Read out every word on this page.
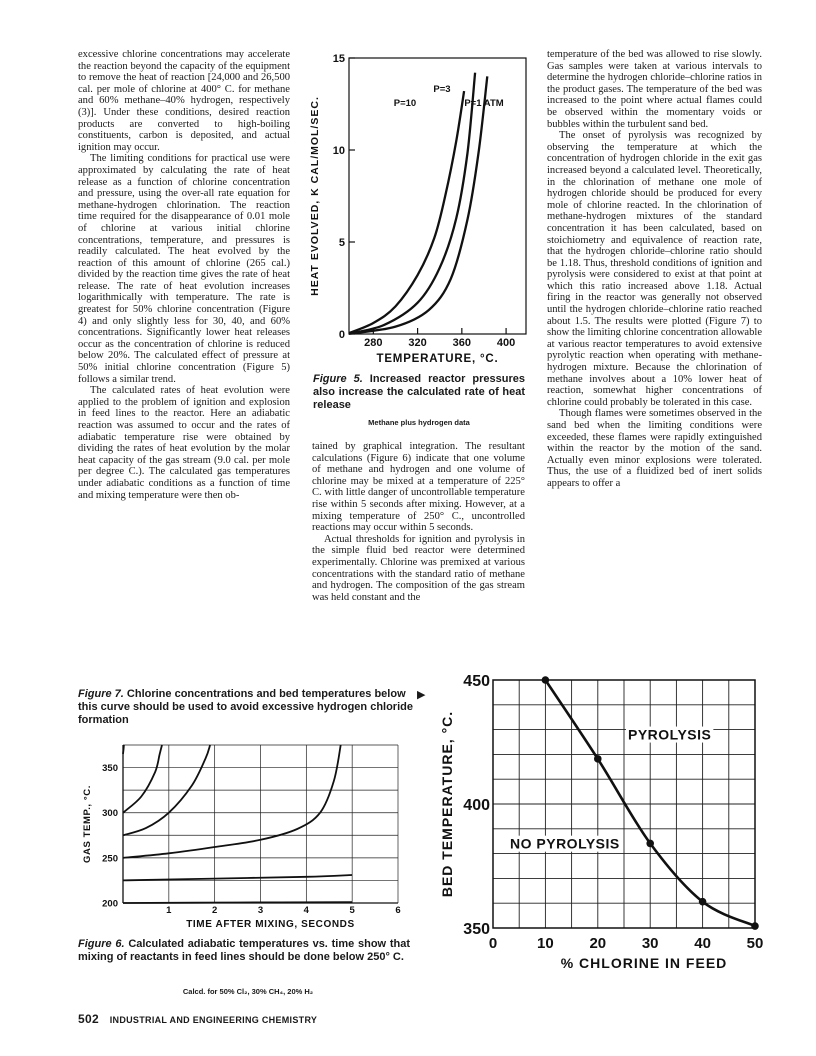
excessive chlorine concentrations may accelerate the reaction beyond the capacity of the equipment to remove the heat of reaction [24,000 and 26,500 cal. per mole of chlorine at 400° C. for methane and 60% methane–40% hydrogen, respectively (3)]. Under these conditions, desired reaction products are converted to high-boiling constituents, carbon is deposited, and actual ignition may occur.

The limiting conditions for practical use were approximated by calculating the rate of heat release as a function of chlorine concentration and pressure, using the over-all rate equation for methane-hydrogen chlorination. The reaction time required for the disappearance of 0.01 mole of chlorine at various initial chlorine concentrations, temperature, and pressures is readily calculated. The heat evolved by the reaction of this amount of chlorine (265 cal.) divided by the reaction time gives the rate of heat release. The rate of heat evolution increases logarithmically with temperature. The rate is greatest for 50% chlorine concentration (Figure 4) and only slightly less for 30, 40, and 60% concentrations. Significantly lower heat releases occur as the concentration of chlorine is reduced below 20%. The calculated effect of pressure at 50% initial chlorine concentration (Figure 5) follows a similar trend.

The calculated rates of heat evolution were applied to the problem of ignition and explosion in feed lines to the reactor. Here an adiabatic reaction was assumed to occur and the rates of adiabatic temperature rise were obtained by dividing the rates of heat evolution by the molar heat capacity of the gas stream (9.0 cal. per mole per degree C.). The calculated gas temperatures under adiabatic conditions as a function of time and mixing temperature were then ob-

tained by graphical integration. The resultant calculations (Figure 6) indicate that one volume of methane and hydrogen and one volume of chlorine may be mixed at a temperature of 225° C. with little danger of uncontrollable temperature rise within 5 seconds after mixing. However, at a mixing temperature of 250° C., uncontrolled reactions may occur within 5 seconds.

Actual thresholds for ignition and pyrolysis in the simple fluid bed reactor were determined experimentally. Chlorine was premixed at various concentrations with the standard ratio of methane and hydrogen. The composition of the gas stream was held constant and the

temperature of the bed was allowed to rise slowly. Gas samples were taken at various intervals to determine the hydrogen chloride–chlorine ratios in the product gases. The temperature of the bed was increased to the point where actual flames could be observed within the momentary voids or bubbles within the turbulent sand bed.

The onset of pyrolysis was recognized by observing the temperature at which the concentration of hydrogen chloride in the exit gas increased beyond a calculated level. Theoretically, in the chlorination of methane one mole of hydrogen chloride should be produced for every mole of chlorine reacted. In the chlorination of methane-hydrogen mixtures of the standard concentration it has been calculated, based on stoichiometry and equivalence of reaction rate, that the hydrogen chloride–chlorine ratio should be 1.18. Thus, threshold conditions of ignition and pyrolysis were considered to exist at that point at which this ratio increased above 1.18. Actual firing in the reactor was generally not observed until the hydrogen chloride–chlorine ratio reached about 1.5. The results were plotted (Figure 7) to show the limiting chlorine concentration allowable at various reactor temperatures to avoid extensive pyrolytic reaction when operating with methane-hydrogen mixture. Because the chlorination of methane involves about a 10% lower heat of reaction, somewhat higher concentrations of chlorine could probably be tolerated in this case.

Though flames were sometimes observed in the sand bed when the limiting conditions were exceeded, these flames were rapidly extinguished within the reactor by the motion of the sand. Actually even minor explosions were tolerated. Thus, the use of a fluidized bed of inert solids appears to offer a

0
5
10
15
280 320 360 400
TEMPERATURE, °C.
HEAT EVOLVED, K CAL/MOL/SEC.	P=10
P=3
P=1 ATM
Figure 5. Increased reactor pressures also increase the calculated rate of heat release
Methane plus hydrogen data
Figure 7. Chlorine concentrations and bed temperatures below this curve should be used to avoid excessive hydrogen chloride formation
▶
200
250
300
350
1	2	3	4	5	6
TIME AFTER MIXING, SECONDS
GAS TEMP., °C.
Figure 6. Calculated adiabatic temperatures vs. time show that mixing of reactants in feed lines should be done below 250° C.
Calcd. for 50% Cl₂, 30% CH₄, 20% H₂
350
400
450
0	10 20 30 40 50
% CHLORINE IN FEED
BED TEMPERATURE, °C.	PYROLYSIS
NO PYROLYSIS
502 INDUSTRIAL AND ENGINEERING CHEMISTRY
